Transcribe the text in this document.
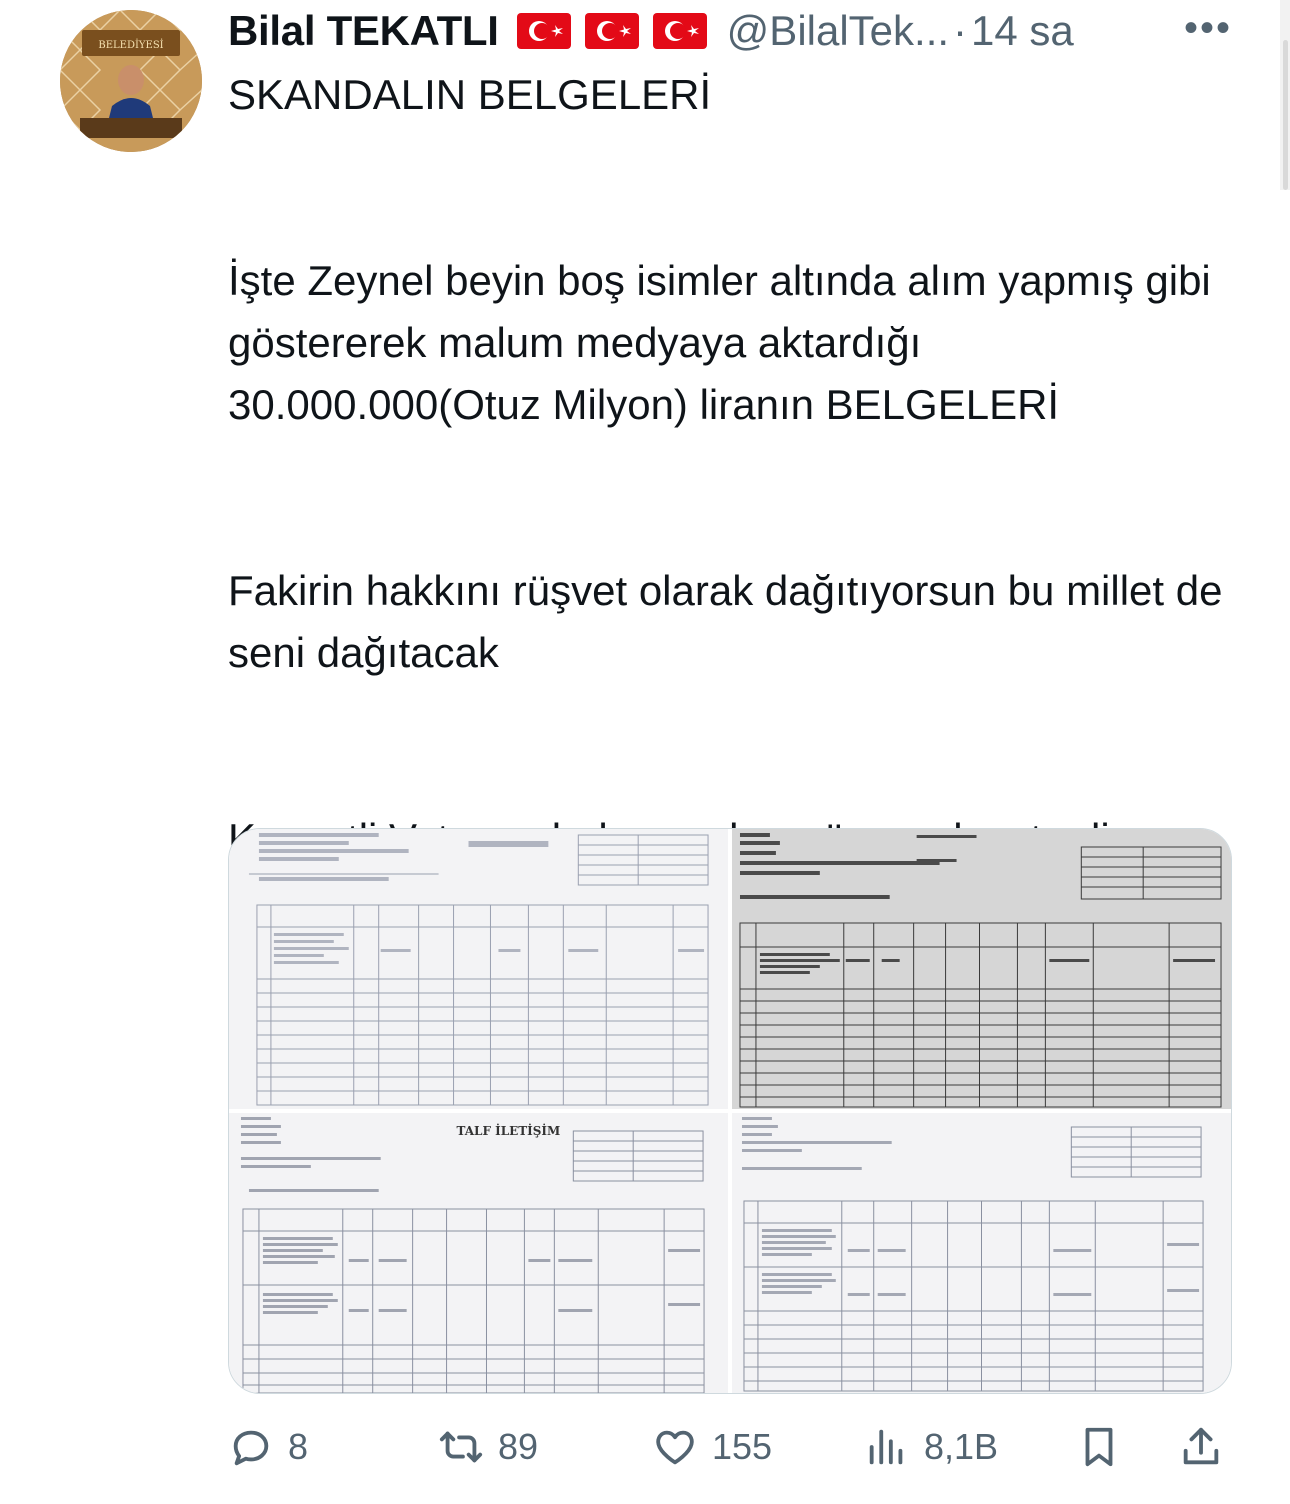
BELEDİYESİ Bilal TEKATLI	@BilalTek... · 14 sa	•••
SKANDALIN BELGELERİ

İşte Zeynel beyin boş isimler altında alım yapmış gibi göstererek malum medyaya aktardığı 30.000.000(Otuz Milyon) liranın BELGELERİ

Fakirin hakkını rüşvet olarak dağıtıyorsun bu millet de seni dağıtacak

TALF İLETİŞİM
8	89	155	8,1B
